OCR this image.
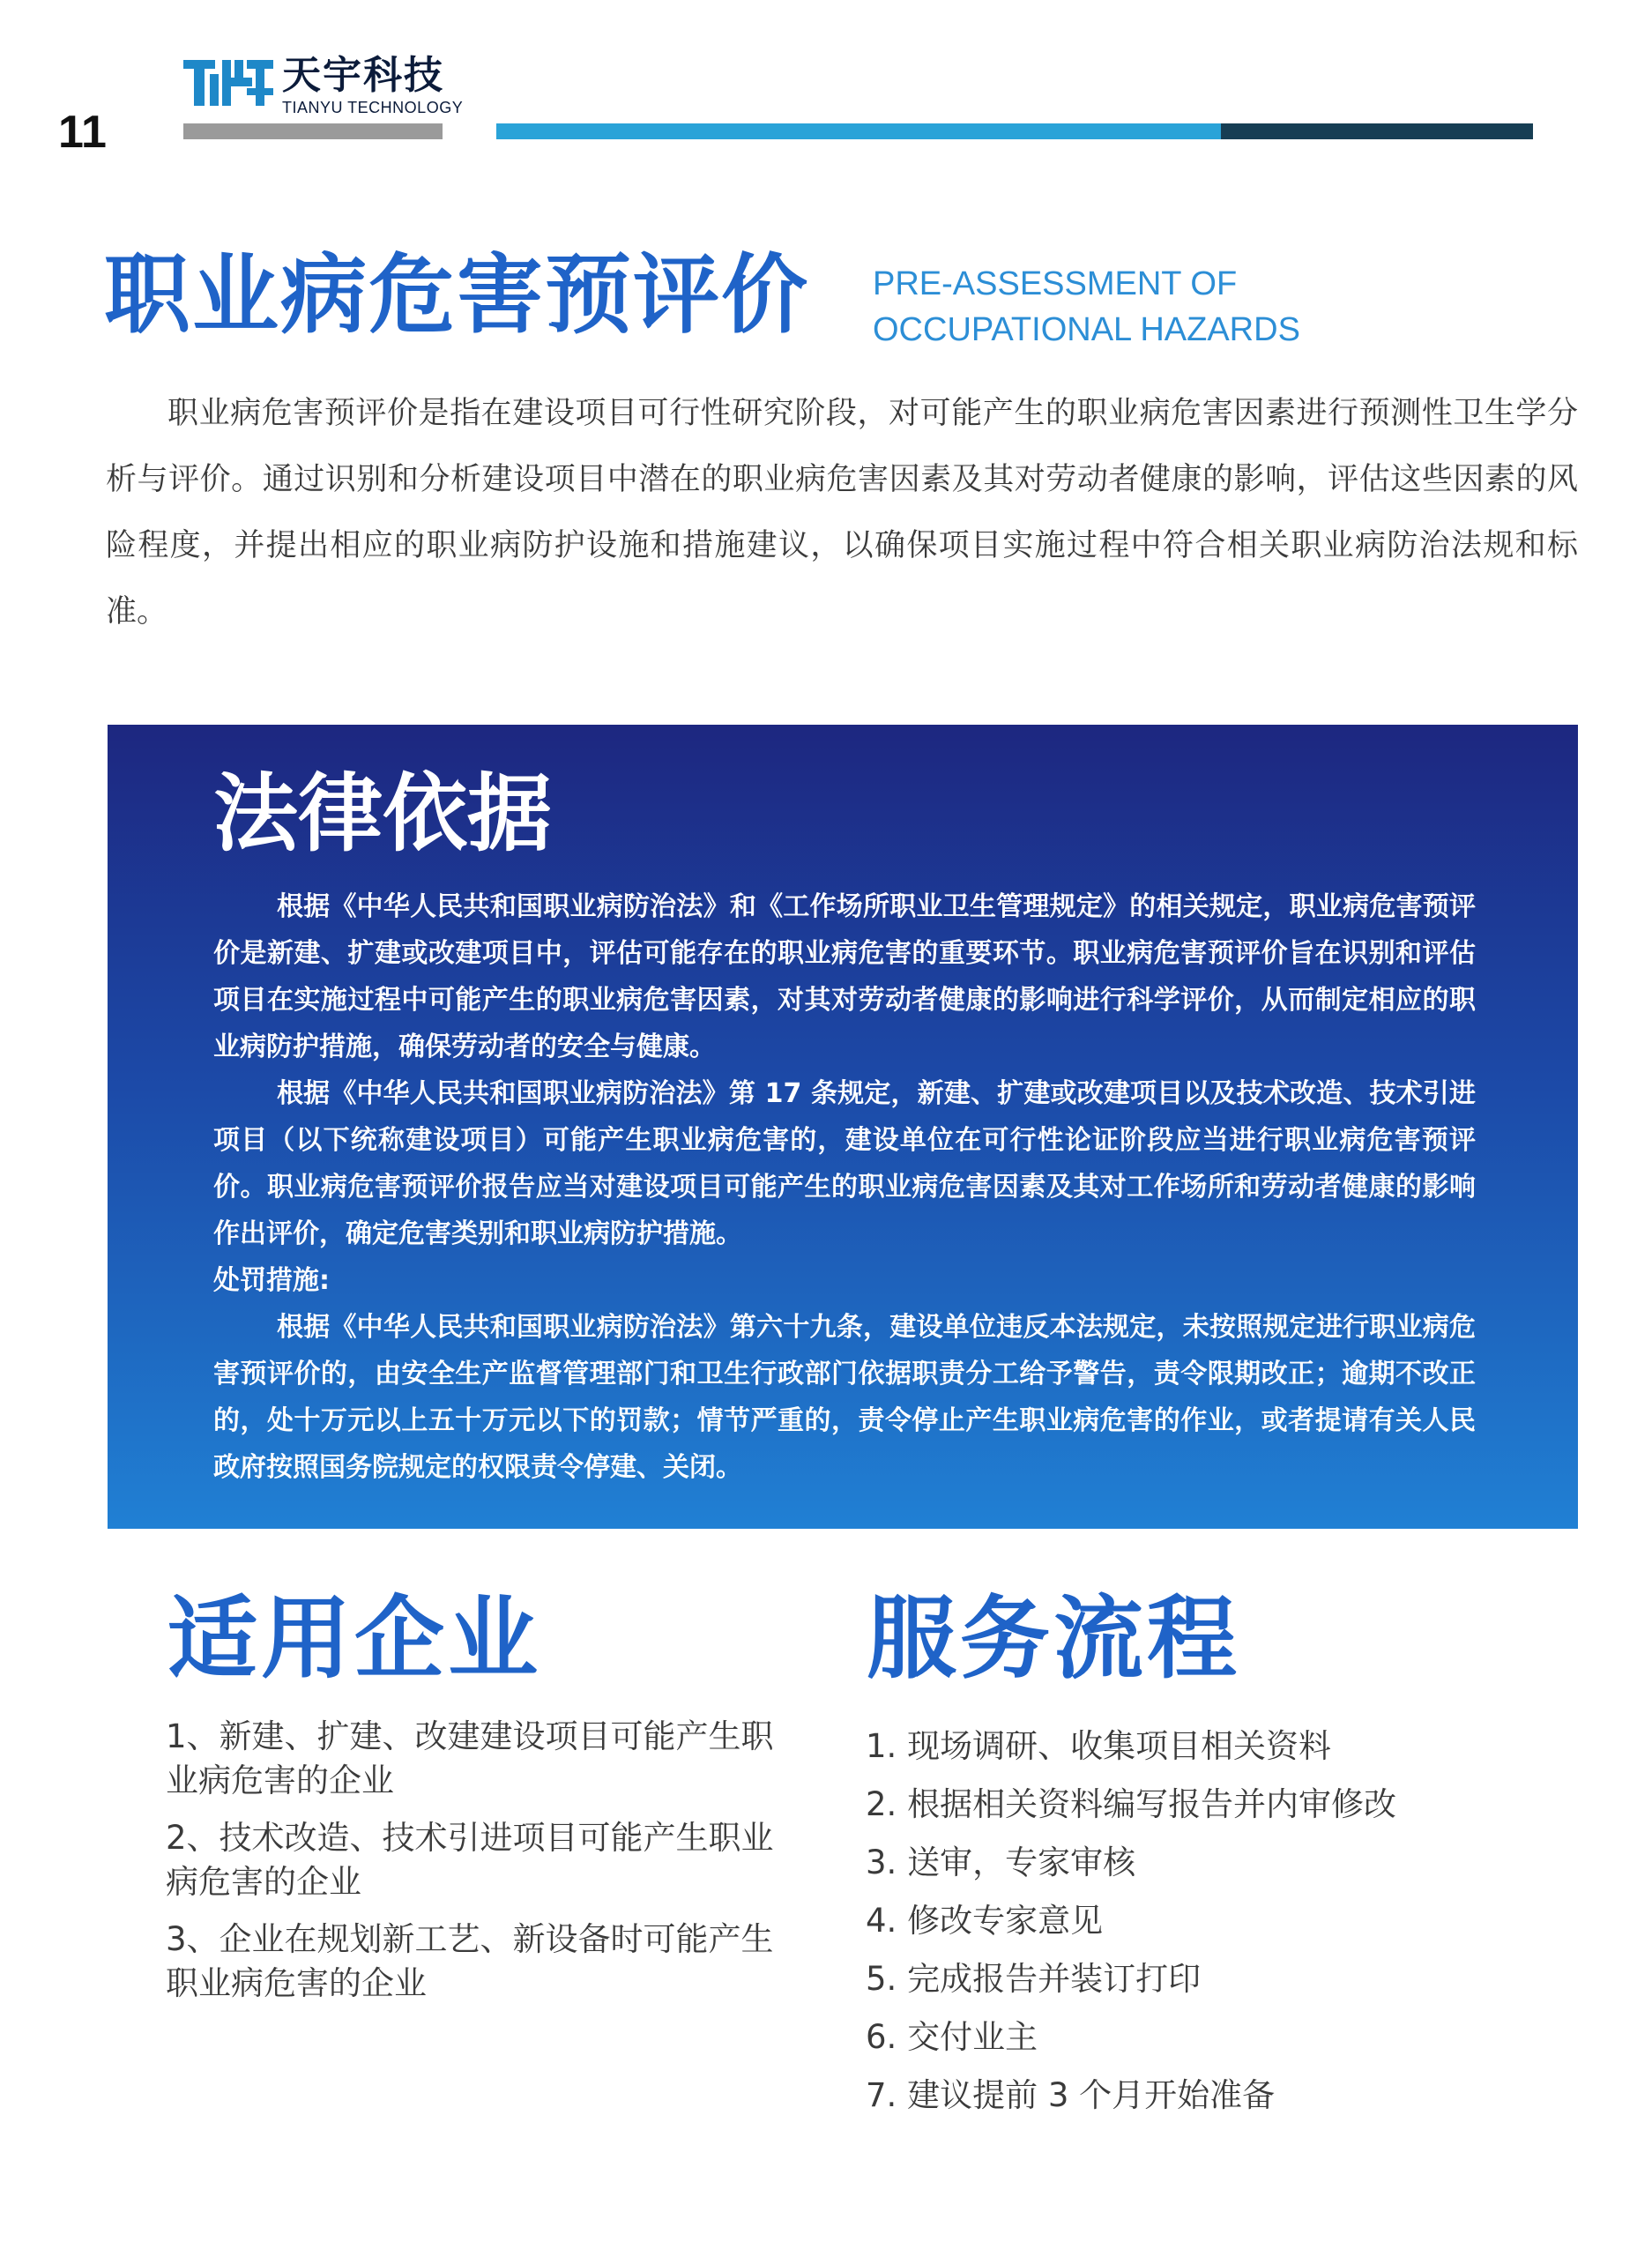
11
天宇科技
TIANYU TECHNOLOGY
职业病危害预评价 PRE-ASSESSMENT OF
OCCUPATIONAL HAZARDS

职业病危害预评价是指在建设项目可行性研究阶段，对可能产生的职业病危害因素进行预测性卫生学分析与评价。通过识别和分析建设项目中潜在的职业病危害因素及其对劳动者健康的影响，评估这些因素的风险程度，并提出相应的职业病防护设施和措施建议，以确保项目实施过程中符合相关职业病防治法规和标准。

法律依据

根据《中华人民共和国职业病防治法》和《工作场所职业卫生管理规定》的相关规定，职业病危害预评价是新建、扩建或改建项目中，评估可能存在的职业病危害的重要环节。职业病危害预评价旨在识别和评估项目在实施过程中可能产生的职业病危害因素，对其对劳动者健康的影响进行科学评价，从而制定相应的职业病防护措施，确保劳动者的安全与健康。

根据《中华人民共和国职业病防治法》第 17 条规定，新建、扩建或改建项目以及技术改造、技术引进项目（以下统称建设项目）可能产生职业病危害的，建设单位在可行性论证阶段应当进行职业病危害预评价。职业病危害预评价报告应当对建设项目可能产生的职业病危害因素及其对工作场所和劳动者健康的影响作出评价，确定危害类别和职业病防护措施。

处罚措施:

根据《中华人民共和国职业病防治法》第六十九条，建设单位违反本法规定，未按照规定进行职业病危害预评价的，由安全生产监督管理部门和卫生行政部门依据职责分工给予警告，责令限期改正；逾期不改正的，处十万元以上五十万元以下的罚款；情节严重的，责令停止产生职业病危害的作业，或者提请有关人民政府按照国务院规定的权限责令停建、关闭。

适用企业	服务流程
1、新建、扩建、改建建设项目可能产生职业病危害的企业
2、技术改造、技术引进项目可能产生职业病危害的企业
3、企业在规划新工艺、新设备时可能产生职业病危害的企业
1. 现场调研、收集项目相关资料
2. 根据相关资料编写报告并内审修改
3. 送审，专家审核
4. 修改专家意见
5. 完成报告并装订打印
6. 交付业主
7. 建议提前 3 个月开始准备
